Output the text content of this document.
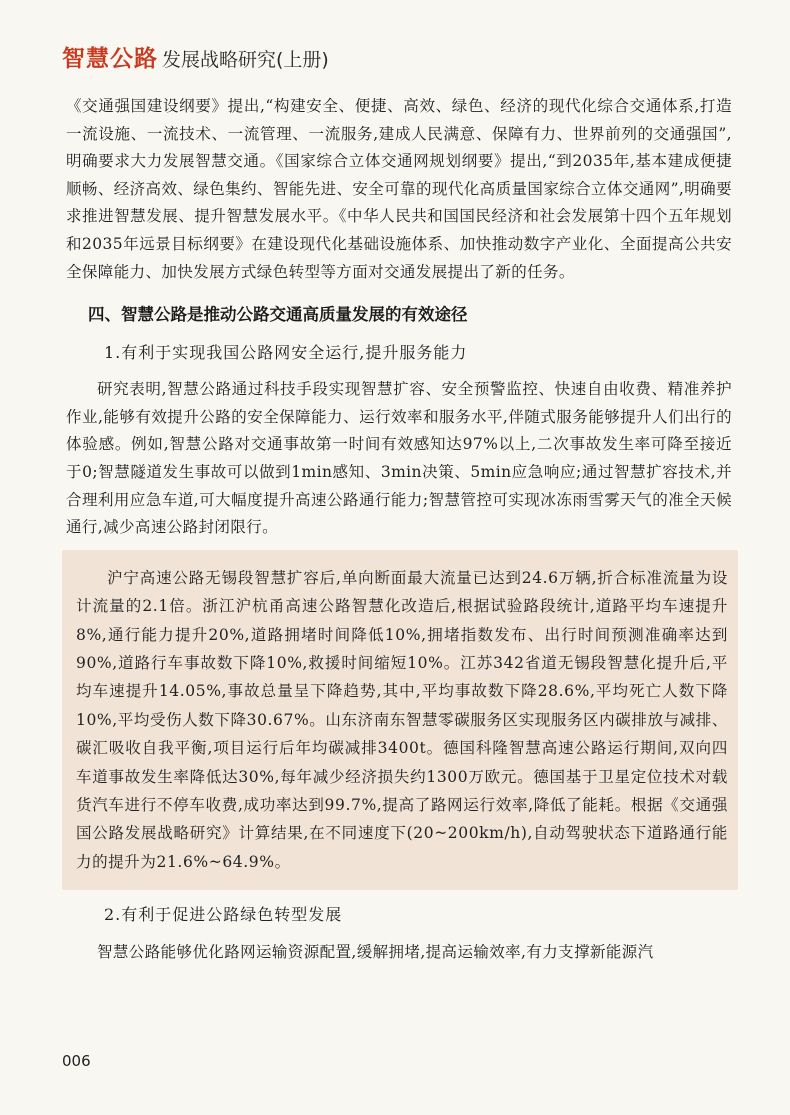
智慧公路 发展战略研究(上册)

《交通强国建设纲要》提出,“构建安全、便捷、高效、绿色、经济的现代化综合交通体系,打造一流设施、一流技术、一流管理、一流服务,建成人民满意、保障有力、世界前列的交通强国”,明确要求大力发展智慧交通。《国家综合立体交通网规划纲要》提出,“到2035年,基本建成便捷顺畅、经济高效、绿色集约、智能先进、安全可靠的现代化高质量国家综合立体交通网”,明确要求推进智慧发展、提升智慧发展水平。《中华人民共和国国民经济和社会发展第十四个五年规划和2035年远景目标纲要》在建设现代化基础设施体系、加快推动数字产业化、全面提高公共安全保障能力、加快发展方式绿色转型等方面对交通发展提出了新的任务。

四、智慧公路是推动公路交通高质量发展的有效途径
1.有利于实现我国公路网安全运行,提升服务能力

研究表明,智慧公路通过科技手段实现智慧扩容、安全预警监控、快速自由收费、精准养护作业,能够有效提升公路的安全保障能力、运行效率和服务水平,伴随式服务能够提升人们出行的体验感。例如,智慧公路对交通事故第一时间有效感知达97%以上,二次事故发生率可降至接近于0;智慧隧道发生事故可以做到1min感知、3min决策、5min应急响应;通过智慧扩容技术,并合理利用应急车道,可大幅度提升高速公路通行能力;智慧管控可实现冰冻雨雪雾天气的准全天候通行,减少高速公路封闭限行。

沪宁高速公路无锡段智慧扩容后,单向断面最大流量已达到24.6万辆,折合标准流量为设计流量的2.1倍。浙江沪杭甬高速公路智慧化改造后,根据试验路段统计,道路平均车速提升8%,通行能力提升20%,道路拥堵时间降低10%,拥堵指数发布、出行时间预测准确率达到90%,道路行车事故数下降10%,救援时间缩短10%。江苏342省道无锡段智慧化提升后,平均车速提升14.05%,事故总量呈下降趋势,其中,平均事故数下降28.6%,平均死亡人数下降10%,平均受伤人数下降30.67%。山东济南东智慧零碳服务区实现服务区内碳排放与减排、碳汇吸收自我平衡,项目运行后年均碳减排3400t。德国科隆智慧高速公路运行期间,双向四车道事故发生率降低达30%,每年减少经济损失约1300万欧元。德国基于卫星定位技术对载货汽车进行不停车收费,成功率达到99.7%,提高了路网运行效率,降低了能耗。根据《交通强国公路发展战略研究》计算结果,在不同速度下(20~200km/h),自动驾驶状态下道路通行能力的提升为21.6%~64.9%。

2.有利于促进公路绿色转型发展

智慧公路能够优化路网运输资源配置,缓解拥堵,提高运输效率,有力支撑新能源汽

006
